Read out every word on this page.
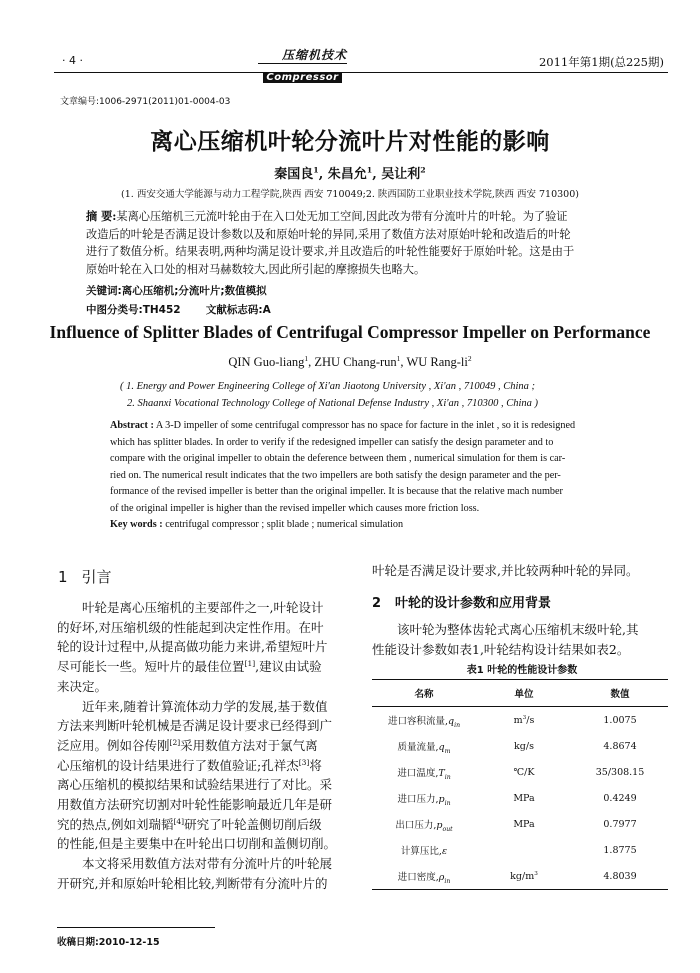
· 4 ·	压缩机技术
Compressor
2011年第1期(总225期)
文章编号:1006-2971(2011)01-0004-03
离心压缩机叶轮分流叶片对性能的影响
秦国良$^1$, 朱昌允$^1$, 吴让利$^2$
(1. 西安交通大学能源与动力工程学院,陕西 西安 710049;2. 陕西国防工业职业技术学院,陕西 西安 710300)

摘 要:某离心压缩机三元流叶轮由于在入口处无加工空间,因此改为带有分流叶片的叶轮。为了验证

改造后的叶轮是否满足设计参数以及和原始叶轮的异同,采用了数值方法对原始叶轮和改造后的叶轮

进行了数值分析。结果表明,两种均满足设计要求,并且改造后的叶轮性能要好于原始叶轮。这是由于

原始叶轮在入口处的相对马赫数较大,因此所引起的摩擦损失也略大。

关键词:离心压缩机;分流叶片;数值模拟
中图分类号:TH452 文献标志码:A
Influence of Splitter Blades of Centrifugal Compressor Impeller on Performance
QIN Guo-liang$^1$, ZHU Chang-run$^1$, WU Rang-$li^2$
( 1. Energy and Power Engineering College of Xi'an Jiaotong University , Xi'an , 710049 , China ;
2. Shaanxi Vocational Technology College of National Defense Industry , Xi'an , 710300 , China )
Abstract : A 3-D impeller of some centrifugal compressor has no space for facture in the inlet , so it is redesigned
which has splitter blades. In order to verify if the redesigned impeller can satisfy the design parameter and to
compare with the original impeller to obtain the deference between them , numerical simulation for them is car-
ried on. The numerical result indicates that the two impellers are both satisfy the design parameter and the per-
formance of the revised impeller is better than the original impeller. It is because that the relative mach number
of the original impeller is higher than the revised impeller which causes more friction loss.
Key words : centrifugal compressor ; split blade ; numerical simulation
1 引言

叶轮是离心压缩机的主要部件之一,叶轮设计

的好坏,对压缩机级的性能起到决定性作用。在叶

轮的设计过程中,从提高做功能力来讲,希望短叶片

尽可能长一些。短叶片的最佳位置[1],建议由试验

来决定。

近年来,随着计算流体动力学的发展,基于数值

方法来判断叶轮机械是否满足设计要求已经得到广

泛应用。例如谷传刚[2]采用数值方法对于氯气离

心压缩机的设计结果进行了数值验证;孔祥杰[3]将

离心压缩机的模拟结果和试验结果进行了对比。采

用数值方法研究切割对叶轮性能影响最近几年是研

究的热点,例如刘瑞韬[4]研究了叶轮盖侧切削后级

的性能,但是主要集中在叶轮出口切削和盖侧切削。

本文将采用数值方法对带有分流叶片的叶轮展

开研究,并和原始叶轮相比较,判断带有分流叶片的

叶轮是否满足设计要求,并比较两种叶轮的异同。
2 叶轮的设计参数和应用背景

该叶轮为整体齿轮式离心压缩机末级叶轮,其

性能设计参数如表1,叶轮结构设计结果如表2。

表1 叶轮的性能设计参数
名称	单位	数值
进口容积流量$,q_{in}$	$m^3/s$	1.0075
质量流量$,q_m$	kg/s	4.8674
进口温度$,T_{in}$	℃/K	35/308.15
进口压力$,p_{in}$	MPa	0.4249
出口压力$,p_{out}$	MPa	0.7977
计算压比,ε		1.8775
进口密度$,\rho_{in}$	$kg/m^3$	4.8039
收稿日期:2010-12-15
